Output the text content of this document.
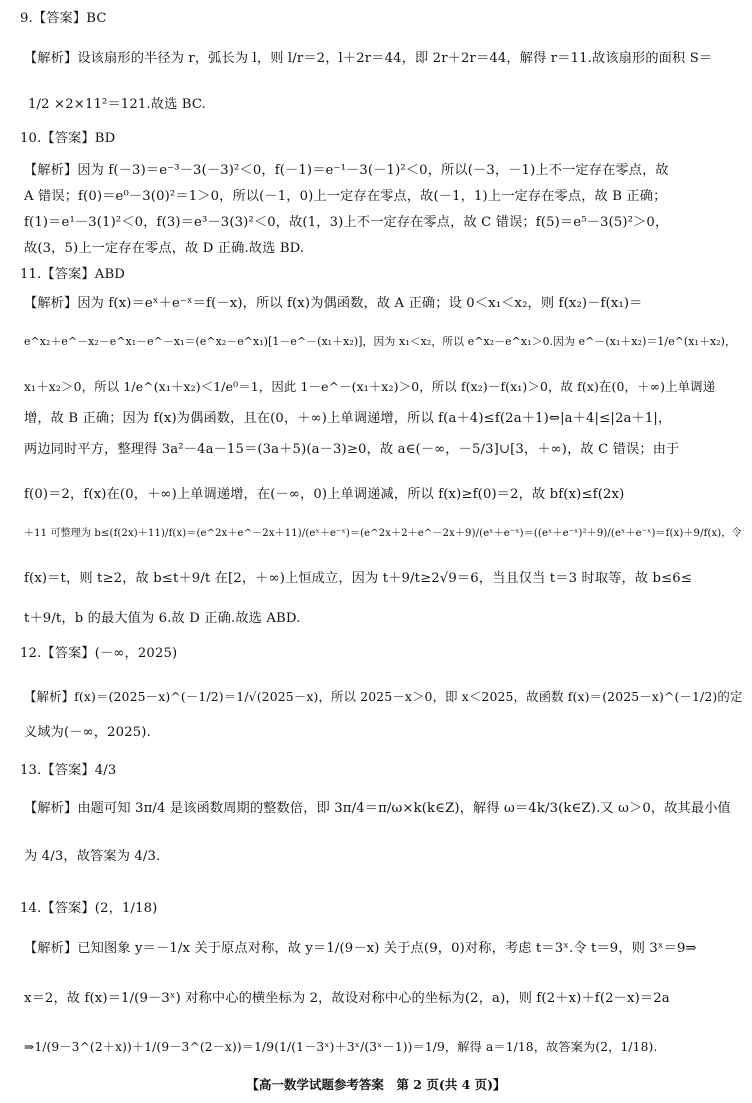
9.【答案】BC
【解析】设该扇形的半径为 r，弧长为 l，则 l/r＝2，l＋2r＝44，即 2r＋2r＝44，解得 r＝11.故该扇形的面积 S＝
1/2 ×2×11²＝121.故选 BC.
10.【答案】BD
【解析】因为 f(－3)＝e⁻³－3(－3)²＜0，f(－1)＝e⁻¹－3(－1)²＜0，所以(－3，－1)上不一定存在零点，故
A 错误；f(0)＝e⁰－3(0)²＝1＞0，所以(－1，0)上一定存在零点，故(－1，1)上一定存在零点，故 B 正确；
f(1)＝e¹－3(1)²＜0，f(3)＝e³－3(3)²＜0，故(1，3)上不一定存在零点，故 C 错误；f(5)＝e⁵－3(5)²＞0，
故(3，5)上一定存在零点，故 D 正确.故选 BD.
11.【答案】ABD
【解析】因为 f(x)＝eˣ＋e⁻ˣ＝f(－x)，所以 f(x)为偶函数，故 A 正确；设 0＜x₁＜x₂，则 f(x₂)－f(x₁)＝
e^x₂＋e^－x₂－e^x₁－e^－x₁＝(e^x₂－e^x₁)[1－e^－(x₁＋x₂)]，因为 x₁＜x₂，所以 e^x₂－e^x₁＞0.因为 e^－(x₁＋x₂)＝1/e^(x₁＋x₂)，
x₁＋x₂＞0，所以 1/e^(x₁＋x₂)＜1/e⁰＝1，因此 1－e^－(x₁＋x₂)＞0，所以 f(x₂)－f(x₁)＞0，故 f(x)在(0，＋∞)上单调递
增，故 B 正确；因为 f(x)为偶函数，且在(0，＋∞)上单调递增，所以 f(a＋4)≤f(2a＋1)⇔|a＋4|≤|2a＋1|，
两边同时平方，整理得 3a²－4a－15＝(3a＋5)(a－3)≥0，故 a∈(－∞，－5/3]∪[3，＋∞)，故 C 错误；由于
f(0)＝2，f(x)在(0，＋∞)上单调递增，在(－∞，0)上单调递减，所以 f(x)≥f(0)＝2，故 bf(x)≤f(2x)
＋11 可整理为 b≤(f(2x)＋11)/f(x)＝(e^2x＋e^－2x＋11)/(eˣ＋e⁻ˣ)＝(e^2x＋2＋e^－2x＋9)/(eˣ＋e⁻ˣ)＝((eˣ＋e⁻ˣ)²＋9)/(eˣ＋e⁻ˣ)＝f(x)＋9/f(x)，令
f(x)＝t，则 t≥2，故 b≤t＋9/t 在[2，＋∞)上恒成立，因为 t＋9/t≥2√9＝6，当且仅当 t＝3 时取等，故 b≤6≤
t＋9/t，b 的最大值为 6.故 D 正确.故选 ABD.
12.【答案】(－∞，2025)
【解析】f(x)＝(2025－x)^(－1/2)＝1/√(2025－x)，所以 2025－x＞0，即 x＜2025，故函数 f(x)＝(2025－x)^(－1/2)的定
义域为(－∞，2025).
13.【答案】4/3
【解析】由题可知 3π/4 是该函数周期的整数倍，即 3π/4＝π/ω×k(k∈Z)，解得 ω＝4k/3(k∈Z).又 ω＞0，故其最小值
为 4/3，故答案为 4/3.
14.【答案】(2，1/18)
【解析】已知图象 y＝－1/x 关于原点对称，故 y＝1/(9－x) 关于点(9，0)对称，考虑 t＝3ˣ.令 t＝9，则 3ˣ＝9⇒
x＝2，故 f(x)＝1/(9－3ˣ) 对称中心的横坐标为 2，故设对称中心的坐标为(2，a)，则 f(2＋x)＋f(2－x)＝2a
⇒1/(9－3^(2＋x))＋1/(9－3^(2－x))＝1/9(1/(1－3ˣ)＋3ˣ/(3ˣ－1))＝1/9，解得 a＝1/18，故答案为(2，1/18).
【高一数学试题参考答案　第 2 页(共 4 页)】
